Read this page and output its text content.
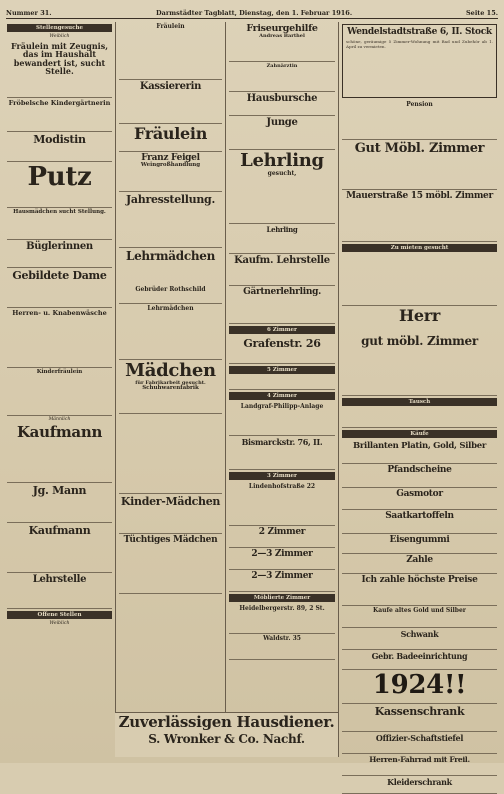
Nummer 31.	Darmstädter Tagblatt, Dienstag, den 1. Februar 1916.	Seite 15.
Stellengesuche
Weiblich
Fräulein mit Zeugnis, das im Haushalt bewandert ist, sucht Stelle.
Fröbelsche Kindergärtnerin
Modistin
Putz
Hausmädchen sucht Stellung.
Büglerinnen
Gebildete Dame
Herren- u. Knabenwäsche
Kinderfräulein
Männlich
Kaufmann
Jg. Mann
Kaufmann
Lehrstelle
Offene Stellen
Weiblich
Fräulein
Kassiererin
Fräulein
Franz Feigel
Weingroßhandlung
Jahresstellung.
Lehrmädchen
Gebrüder Rothschild
Lehrmädchen
Mädchen
für Fabrikarbeit gesucht.
Schuhwarenfabrik
Kinder-Mädchen
Tüchtiges Mädchen
Friseurgehilfe
Andreas Barthel
Zahnärztin
Hausbursche
Junge
Lehrling
gesucht,
Lehrling
Kaufm. Lehrstelle
Gärtnerlehrling.
6 Zimmer
Grafenstr. 26
5 Zimmer
4 Zimmer
Landgraf-Philipp-Anlage
Bismarckstr. 76, II.
3 Zimmer
Lindenhofstraße 22
2 Zimmer
2—3 Zimmer
2—3 Zimmer
Möblierte Zimmer
Heidelbergerstr. 89, 2 St.
Waldstr. 35
Wendelstadtstraße 6, II. Stock
schöne, geräumige 5 Zimmer-Wohnung mit Bad und Zubehör ab 1. April zu vermieten.
Pension
Gut Möbl. Zimmer
Mauerstraße 15 möbl. Zimmer
Zu mieten gesucht
Herr
gut möbl. Zimmer
Tausch
Käufe
Brillanten Platin, Gold, Silber
Pfandscheine
Gasmotor
Saatkartoffeln
Eisengummi
Zahle
Ich zahle höchste Preise
Kaufe altes Gold und Silber
Schwank
Gebr. Badeeinrichtung
1924!!
Kassenschrank
Offizier-Schaftstiefel
Herren-Fahrrad mit Freil.
Kleiderschrank
Zuverlässigen Hausdiener.
S. Wronker & Co. Nachf.
